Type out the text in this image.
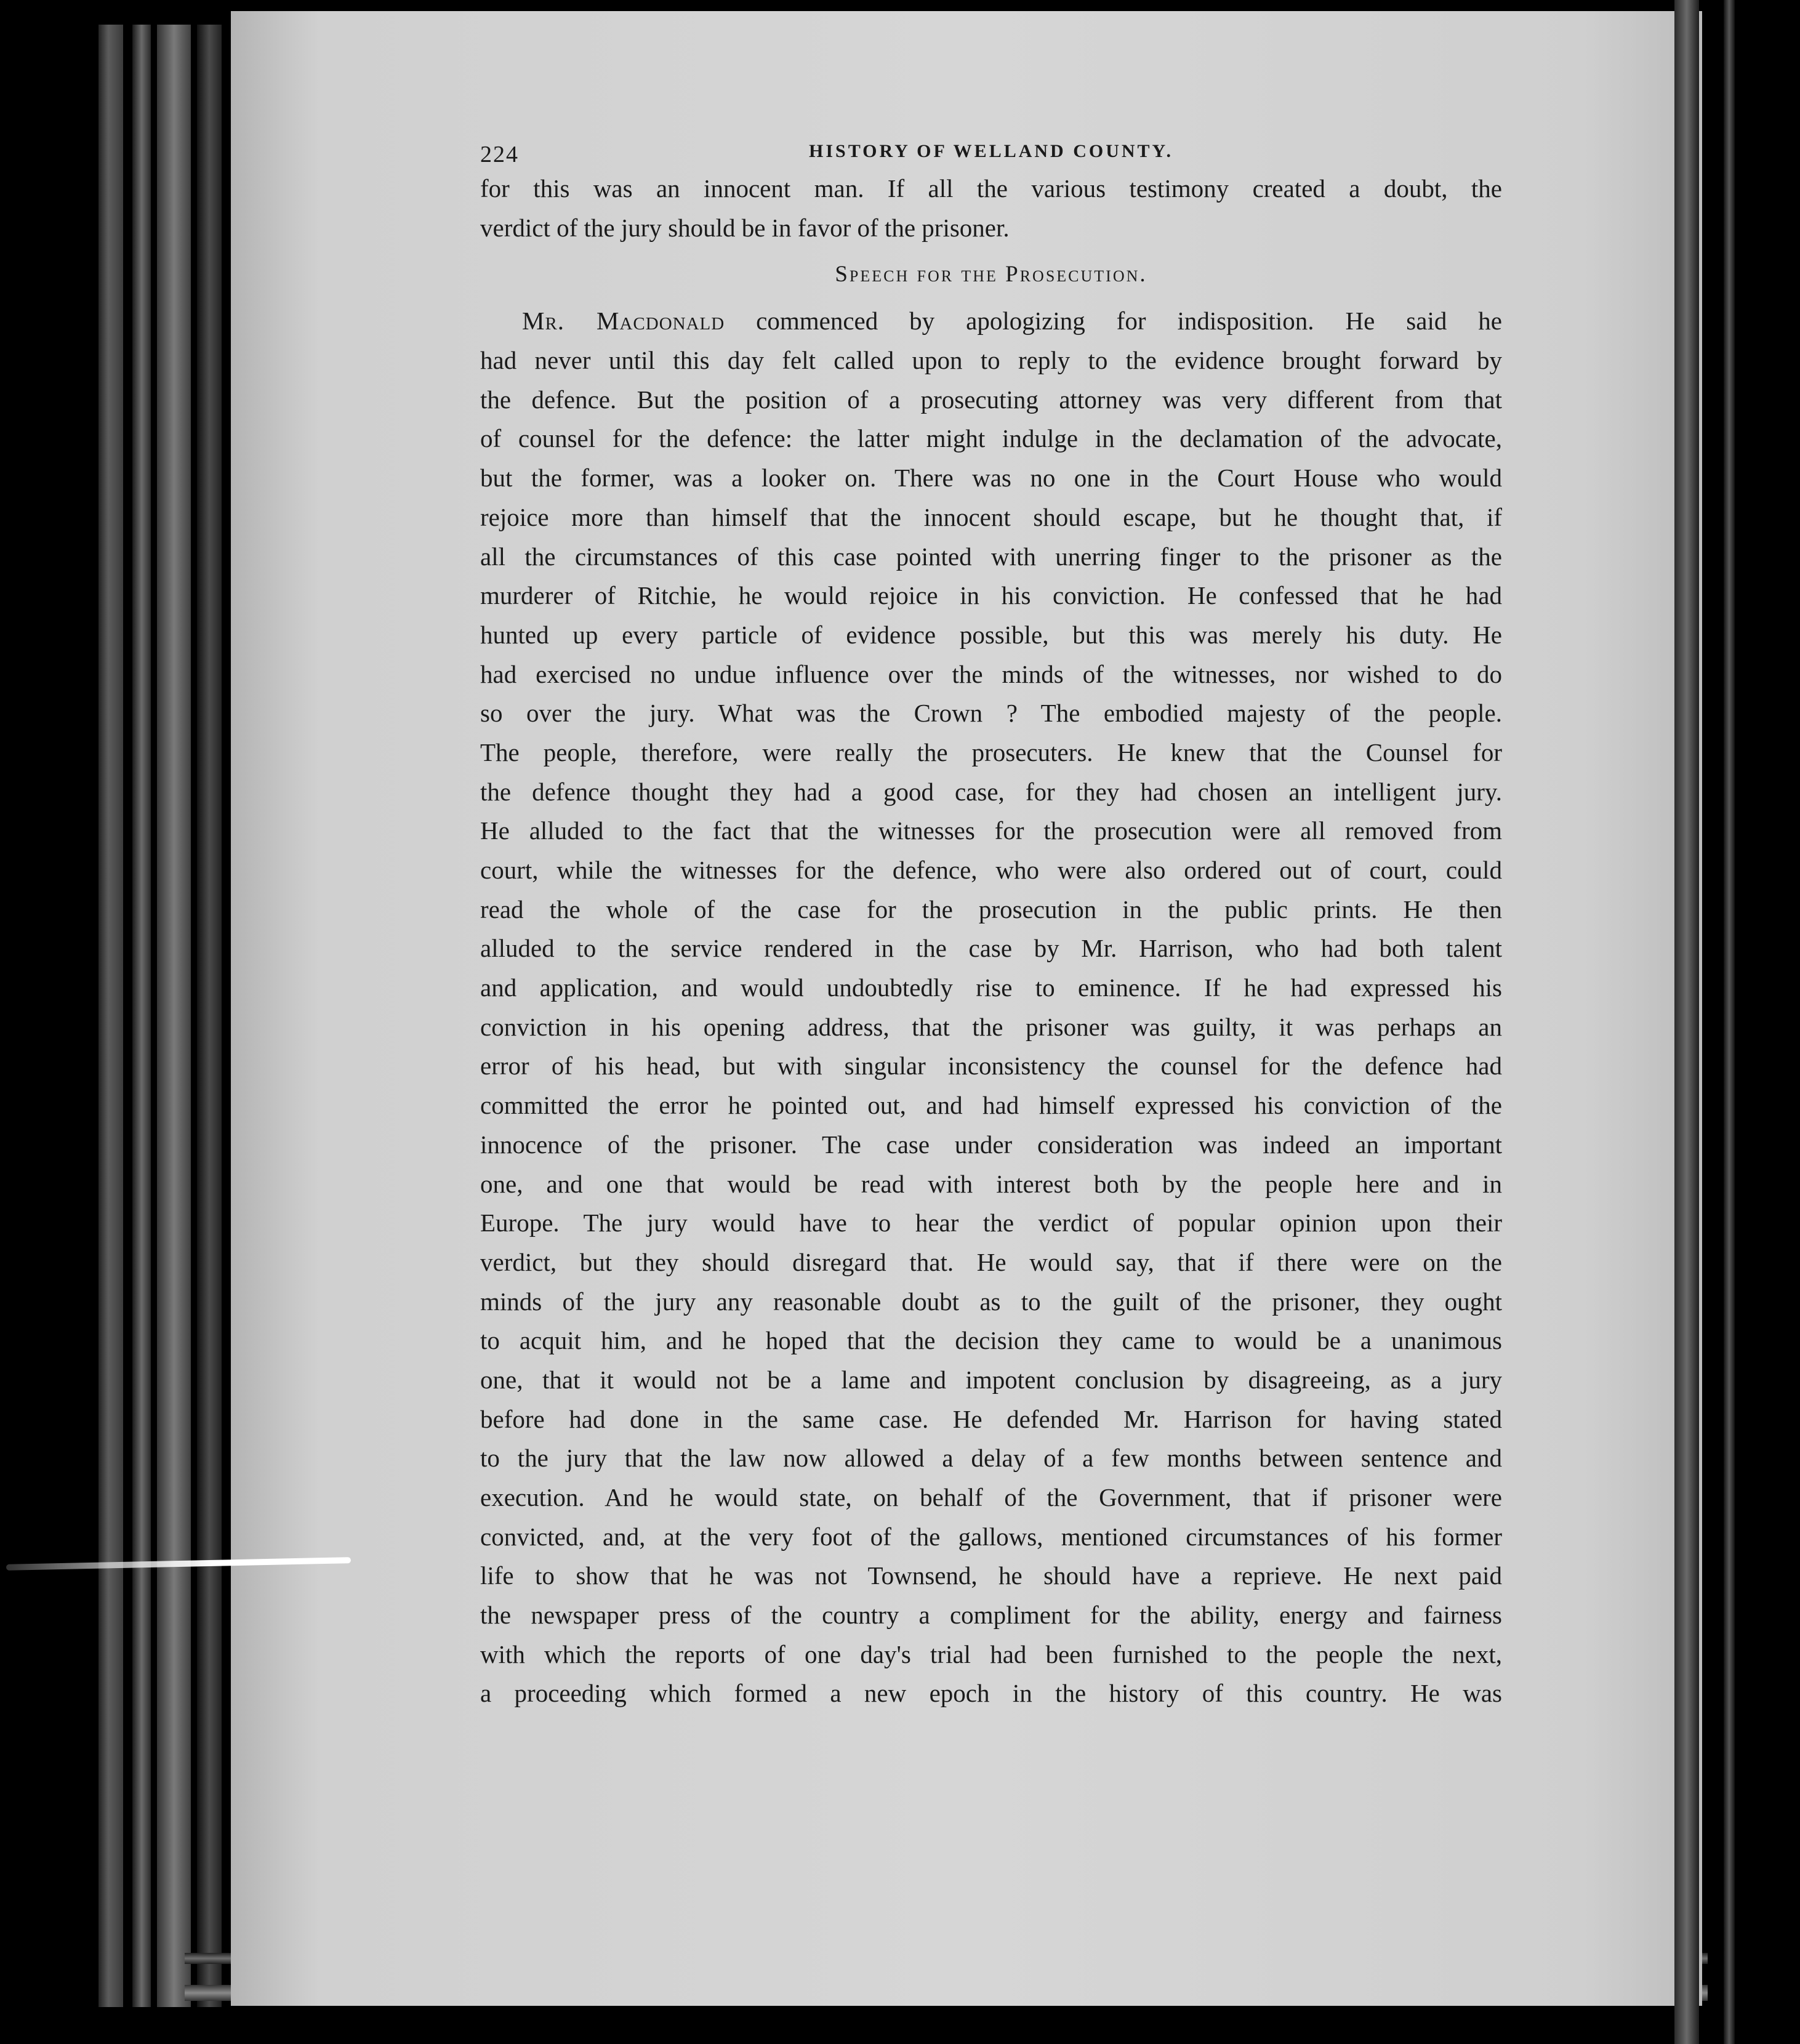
224	HISTORY OF WELLAND COUNTY.
for this was an innocent man. If all the various testimony created a doubt, the
verdict of the jury should be in favor of the prisoner.
Speech for the Prosecution.
Mr. Macdonald commenced by apologizing for indisposition. He said he
had never until this day felt called upon to reply to the evidence brought forward by
the defence. But the position of a prosecuting attorney was very different from that
of counsel for the defence: the latter might indulge in the declamation of the advocate,
but the former, was a looker on. There was no one in the Court House who would
rejoice more than himself that the innocent should escape, but he thought that, if
all the circumstances of this case pointed with unerring finger to the prisoner as the
murderer of Ritchie, he would rejoice in his conviction. He confessed that he had
hunted up every particle of evidence possible, but this was merely his duty. He
had exercised no undue influence over the minds of the witnesses, nor wished to do
so over the jury. What was the Crown ? The embodied majesty of the people.
The people, therefore, were really the prosecuters. He knew that the Counsel for
the defence thought they had a good case, for they had chosen an intelligent jury.
He alluded to the fact that the witnesses for the prosecution were all removed from
court, while the witnesses for the defence, who were also ordered out of court, could
read the whole of the case for the prosecution in the public prints. He then
alluded to the service rendered in the case by Mr. Harrison, who had both talent
and application, and would undoubtedly rise to eminence. If he had expressed his
conviction in his opening address, that the prisoner was guilty, it was perhaps an
error of his head, but with singular inconsistency the counsel for the defence had
committed the error he pointed out, and had himself expressed his conviction of the
innocence of the prisoner. The case under consideration was indeed an important
one, and one that would be read with interest both by the people here and in
Europe. The jury would have to hear the verdict of popular opinion upon their
verdict, but they should disregard that. He would say, that if there were on the
minds of the jury any reasonable doubt as to the guilt of the prisoner, they ought
to acquit him, and he hoped that the decision they came to would be a unanimous
one, that it would not be a lame and impotent conclusion by disagreeing, as a jury
before had done in the same case. He defended Mr. Harrison for having stated
to the jury that the law now allowed a delay of a few months between sentence and
execution. And he would state, on behalf of the Government, that if prisoner were
convicted, and, at the very foot of the gallows, mentioned circumstances of his former
life to show that he was not Townsend, he should have a reprieve. He next paid
the newspaper press of the country a compliment for the ability, energy and fairness
with which the reports of one day's trial had been furnished to the people the next,
a proceeding which formed a new epoch in the history of this country. He was
